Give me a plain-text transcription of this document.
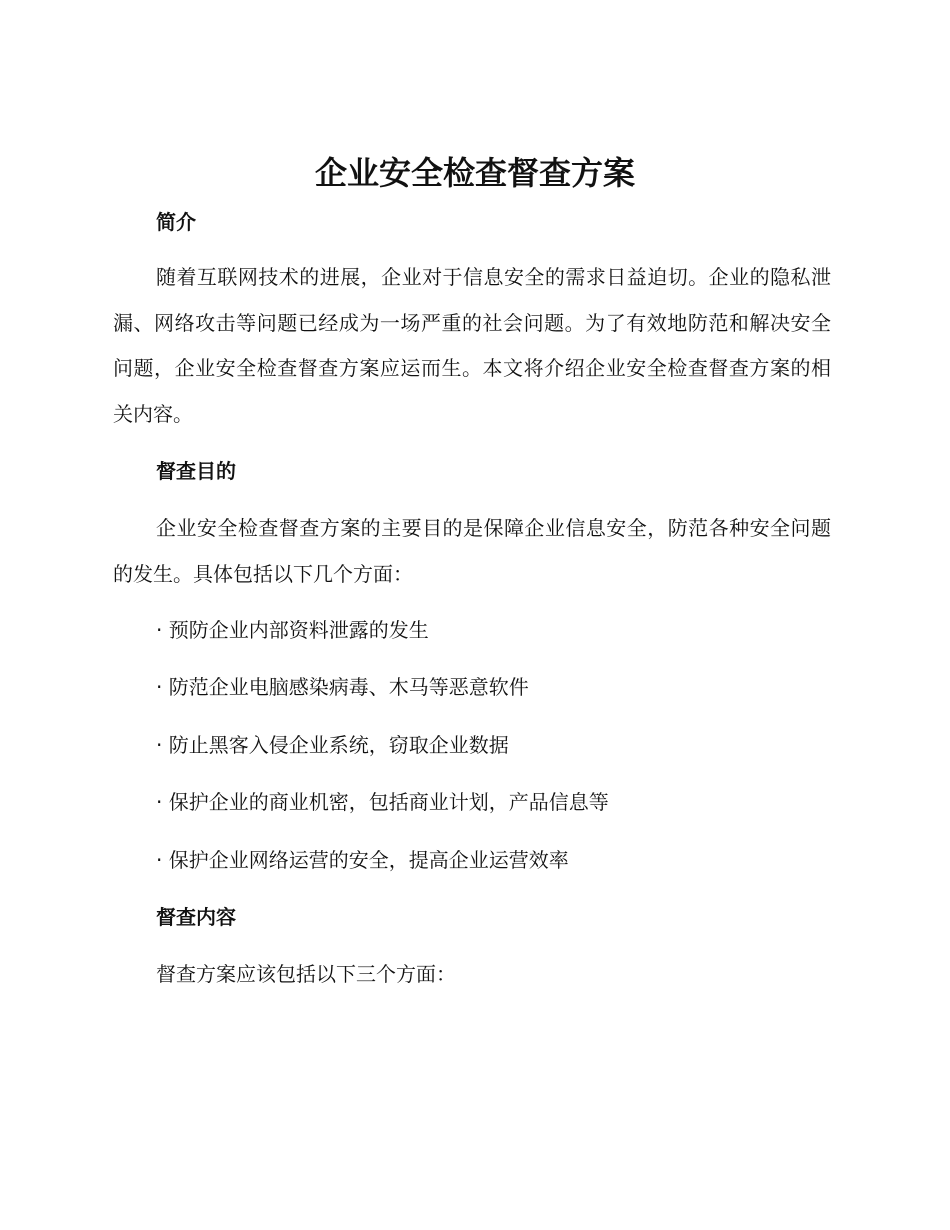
企业安全检查督查方案
简介
随着互联网技术的进展，企业对于信息安全的需求日益迫切。企业的隐私泄漏、网络攻击等问题已经成为一场严重的社会问题。为了有效地防范和解决安全问题，企业安全检查督查方案应运而生。本文将介绍企业安全检查督查方案的相关内容。
督查目的
企业安全检查督查方案的主要目的是保障企业信息安全，防范各种安全问题的发生。具体包括以下几个方面：
· 预防企业内部资料泄露的发生
· 防范企业电脑感染病毒、木马等恶意软件
· 防止黑客入侵企业系统，窃取企业数据
· 保护企业的商业机密，包括商业计划，产品信息等
· 保护企业网络运营的安全，提高企业运营效率
督查内容
督查方案应该包括以下三个方面：
